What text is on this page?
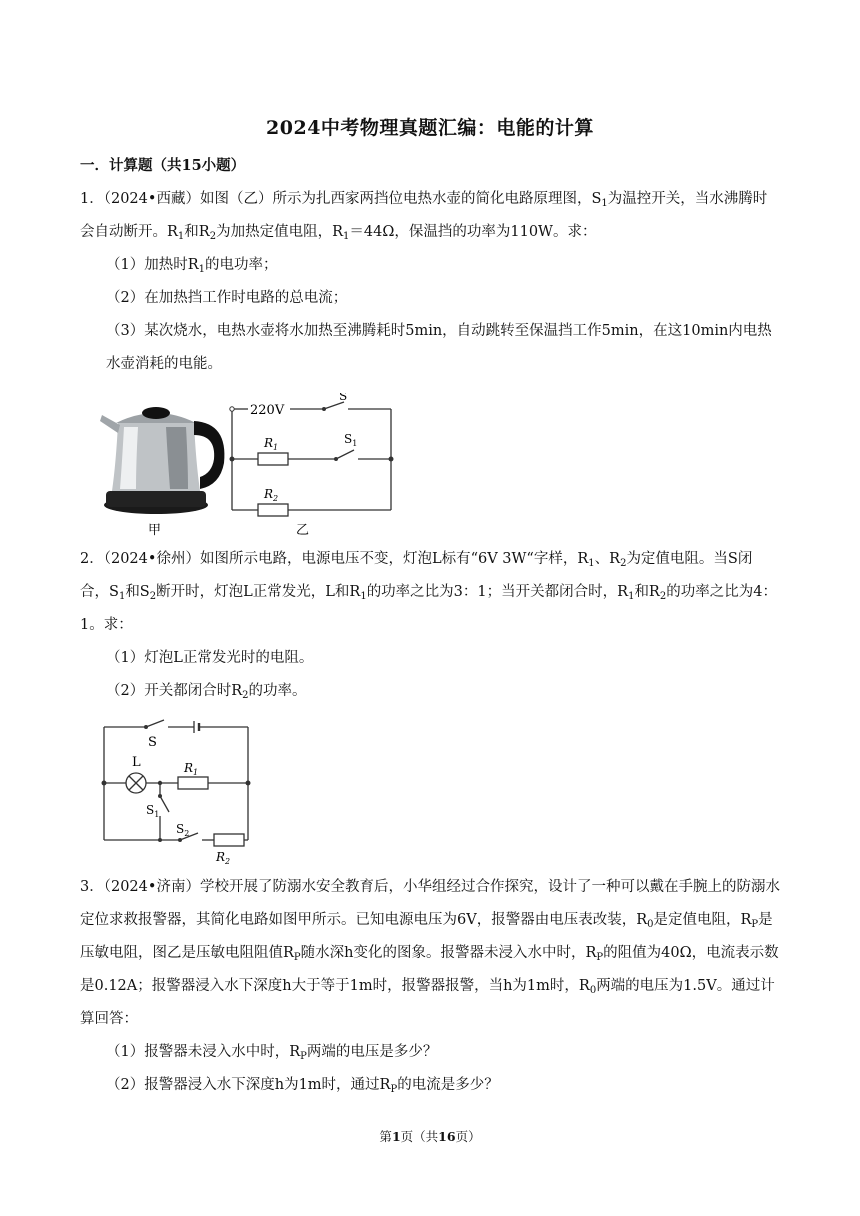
2024中考物理真题汇编：电能的计算
一．计算题（共15小题）

1．（2024•西藏）如图（乙）所示为扎西家两挡位电热水壶的简化电路原理图，$S_1$为温控开关，当水沸腾时会自动断开。$R_1$和$R_2$为加热定值电阻，$R_1=44\Omega$，保温挡的功率为110W。求：

（1）加热时$R_1$的电功率；

（2）在加热挡工作时电路的总电流；

（3）某次烧水，电热水壶将水加热至沸腾耗时5min，自动跳转至保温挡工作5min，在这10min内电热水壶消耗的电能。

甲
220V
S
$S_1$
$R_1$
$R_2$
乙

2．（2024•徐州）如图所示电路，电源电压不变，灯泡L标有“6V 3W“字样，$R_1$、$R_2$为定值电阻。当S闭合，$S_1$和$S_2$断开时，灯泡L正常发光，L和$R_1$的功率之比为3：1；当开关都闭合时，$R_1$和$R_2$的功率之比为4：1。求：

（1）灯泡L正常发光时的电阻。

（2）开关都闭合时$R_2$的功率。

S
L	$R_1$
$S_1$
$S_2$
$R_2$

3．（2024•济南）学校开展了防溺水安全教育后，小华组经过合作探究，设计了一种可以戴在手腕上的防溺水定位求救报警器，其简化电路如图甲所示。已知电源电压为6V，报警器由电压表改装，$R_0$是定值电阻，$R_P$是压敏电阻，图乙是压敏电阻阻值$R_P$随水深h变化的图象。报警器未浸入水中时，$R_P$的阻值为40Ω，电流表示数是0.12A；报警器浸入水下深度h大于等于1m时，报警器报警，当h为1m时，$R_0$两端的电压为1.5V。通过计算回答：

（1）报警器未浸入水中时，$R_P$两端的电压是多少？

（2）报警器浸入水下深度h为1m时，通过$R_P$的电流是多少？

第1页（共16页）
